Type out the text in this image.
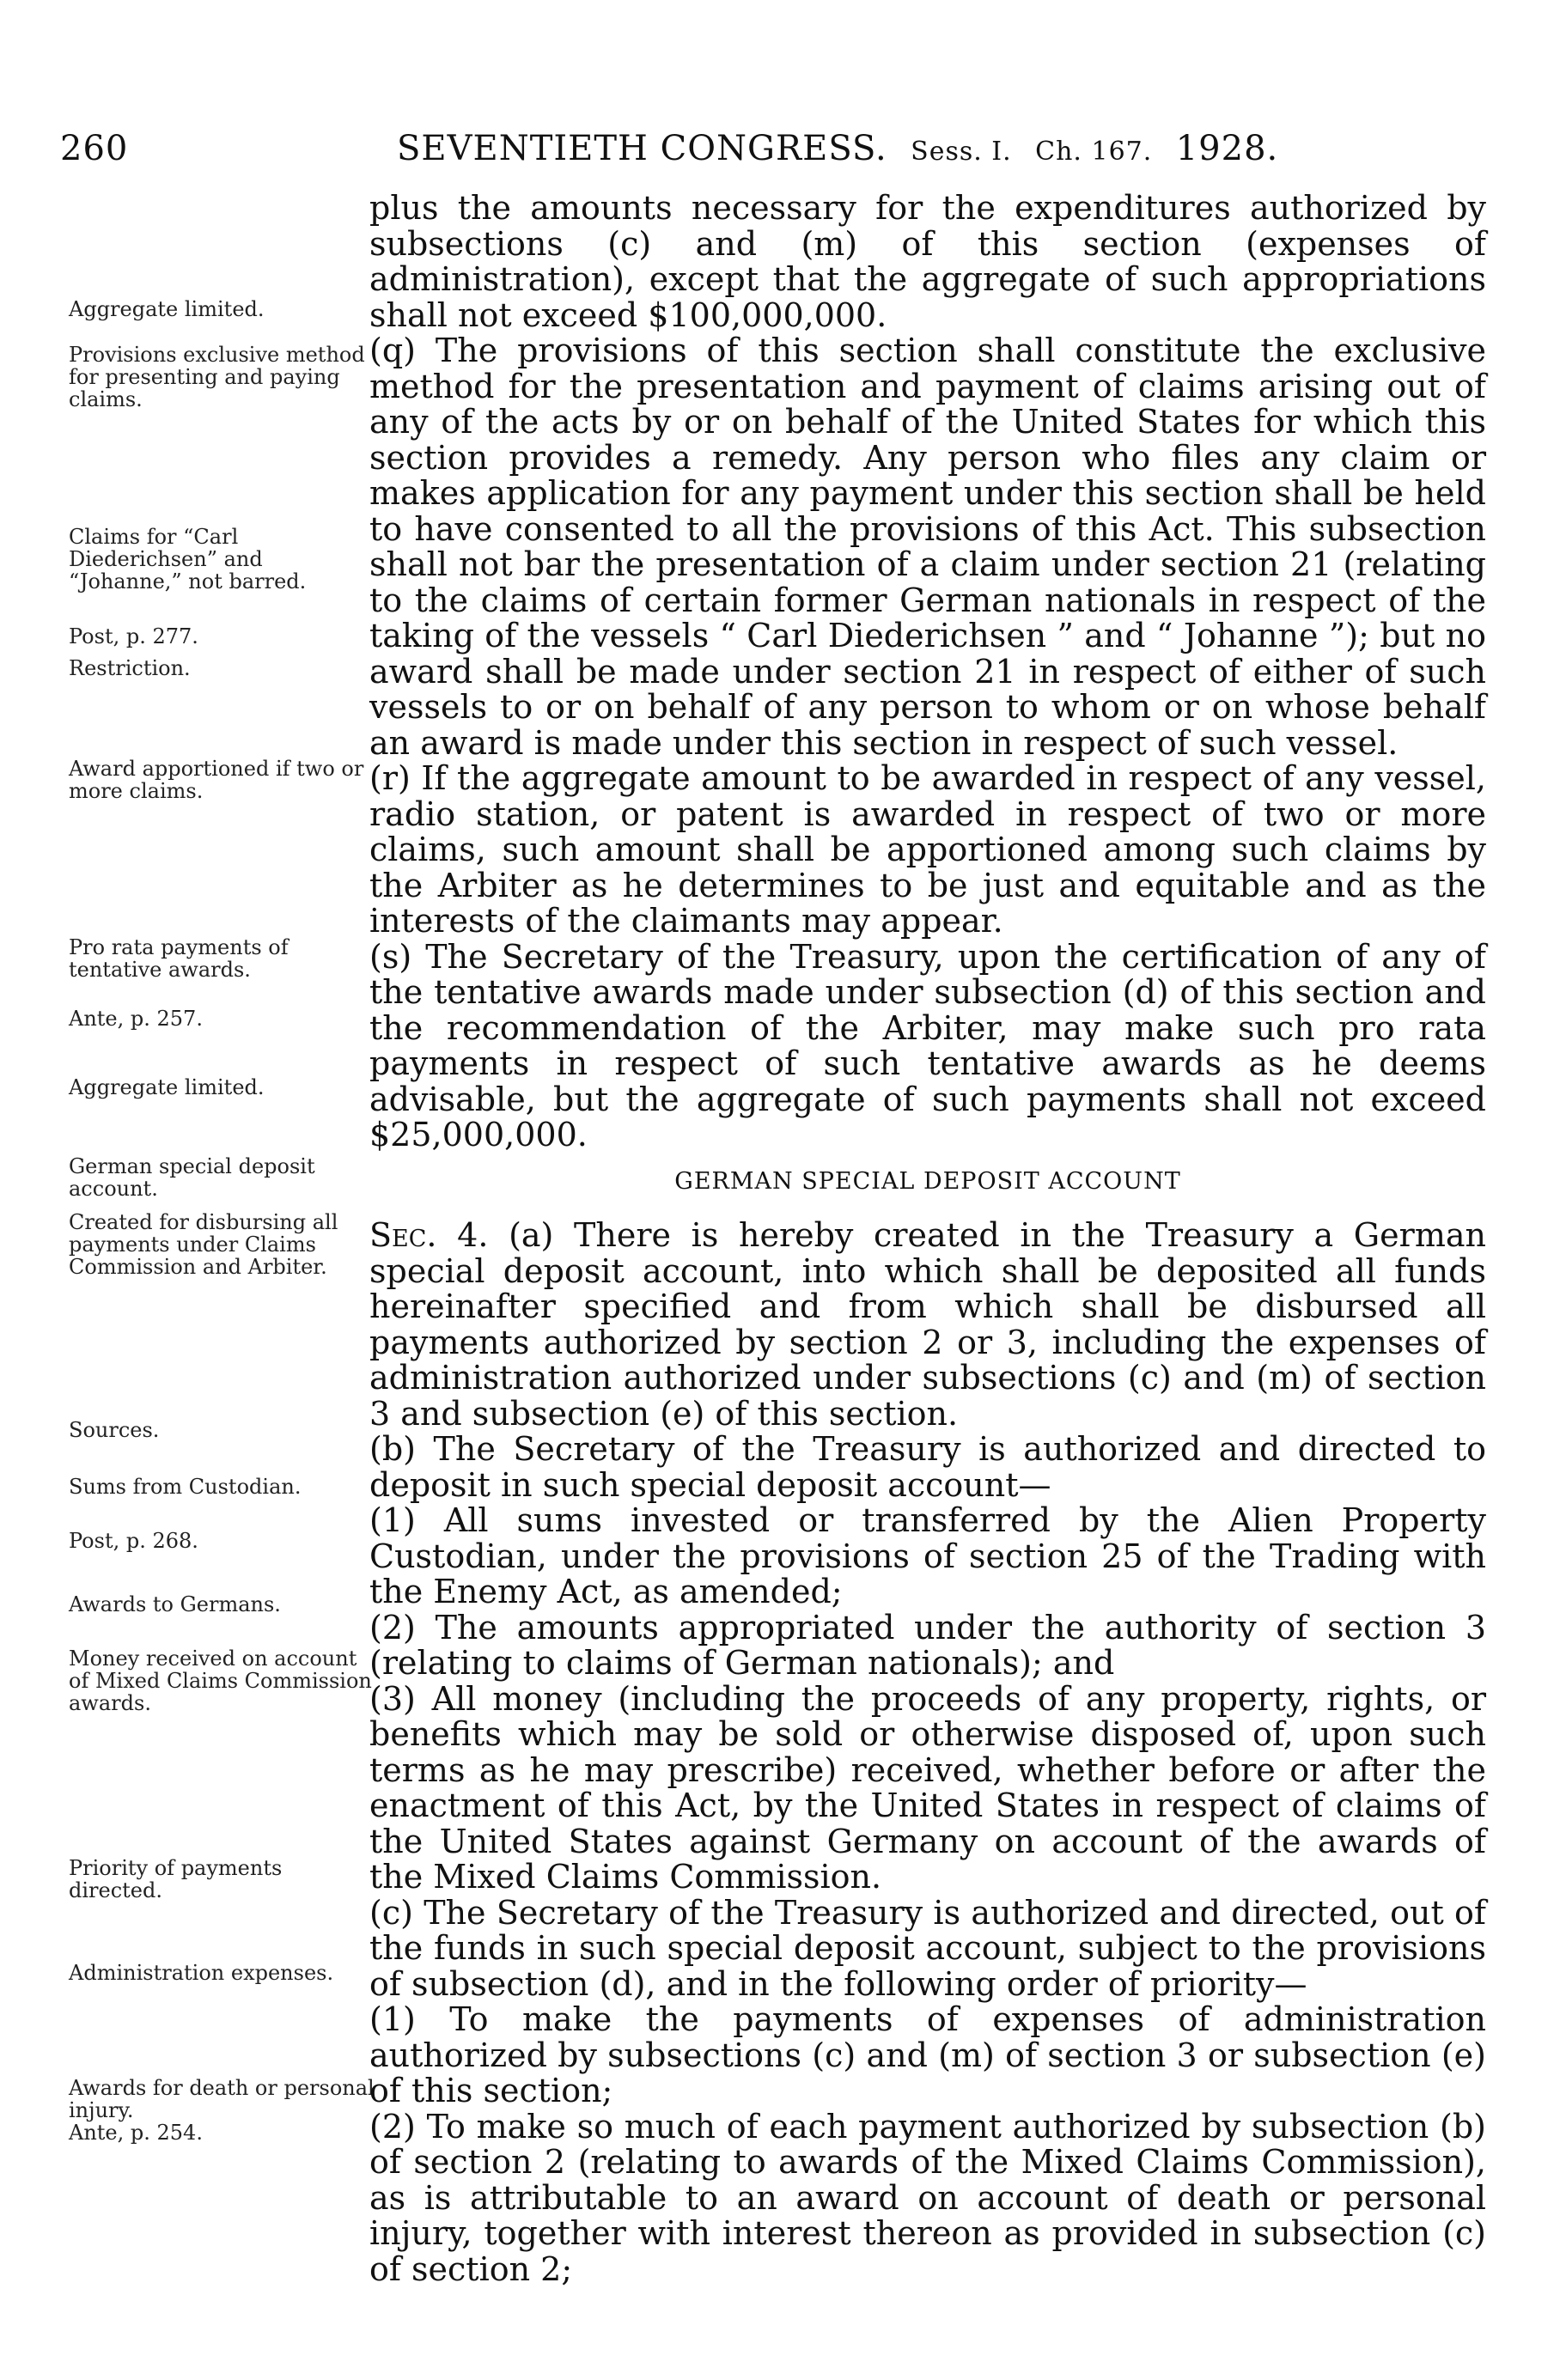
260	SEVENTIETH CONGRESS. Sess. I. Ch. 167. 1928.
Aggregate limited.
Provisions exclusive method for presenting and paying claims.
Claims for “Carl Diederichsen” and “Johanne,” not barred.
Post, p. 277.
Restriction.
Award apportioned if two or more claims.
Pro rata payments of tentative awards.
Ante, p. 257.
Aggregate limited.
German special deposit account.
Created for disbursing all payments under Claims Commission and Arbiter.
Sources.
Sums from Custodian.
Post, p. 268.
Awards to Germans.
Money received on account of Mixed Claims Commission awards.
Priority of payments directed.
Administration expenses.
Awards for death or personal injury.
Ante, p. 254.

plus the amounts necessary for the expenditures authorized by subsections (c) and (m) of this section (expenses of administration), except that the aggregate of such appropriations shall not exceed $100,000,000.

(q) The provisions of this section shall constitute the exclusive method for the presentation and payment of claims arising out of any of the acts by or on behalf of the United States for which this section provides a remedy. Any person who files any claim or makes application for any payment under this section shall be held to have consented to all the provisions of this Act. This subsection shall not bar the presentation of a claim under section 21 (relating to the claims of certain former German nationals in respect of the taking of the vessels “ Carl Diederichsen ” and “ Johanne ”); but no award shall be made under section 21 in respect of either of such vessels to or on behalf of any person to whom or on whose behalf an award is made under this section in respect of such vessel.

(r) If the aggregate amount to be awarded in respect of any vessel, radio station, or patent is awarded in respect of two or more claims, such amount shall be apportioned among such claims by the Arbiter as he determines to be just and equitable and as the interests of the claimants may appear.

(s) The Secretary of the Treasury, upon the certification of any of the tentative awards made under subsection (d) of this section and the recommendation of the Arbiter, may make such pro rata payments in respect of such tentative awards as he deems advisable, but the aggregate of such payments shall not exceed $25,000,000.

GERMAN SPECIAL DEPOSIT ACCOUNT

Sec. 4. (a) There is hereby created in the Treasury a German special deposit account, into which shall be deposited all funds hereinafter specified and from which shall be disbursed all payments authorized by section 2 or 3, including the expenses of administration authorized under subsections (c) and (m) of section 3 and subsection (e) of this section.

(b) The Secretary of the Treasury is authorized and directed to deposit in such special deposit account—

(1) All sums invested or transferred by the Alien Property Custodian, under the provisions of section 25 of the Trading with the Enemy Act, as amended;

(2) The amounts appropriated under the authority of section 3 (relating to claims of German nationals); and

(3) All money (including the proceeds of any property, rights, or benefits which may be sold or otherwise disposed of, upon such terms as he may prescribe) received, whether before or after the enactment of this Act, by the United States in respect of claims of the United States against Germany on account of the awards of the Mixed Claims Commission.

(c) The Secretary of the Treasury is authorized and directed, out of the funds in such special deposit account, subject to the provisions of subsection (d), and in the following order of priority—

(1) To make the payments of expenses of administration authorized by subsections (c) and (m) of section 3 or subsection (e) of this section;

(2) To make so much of each payment authorized by subsection (b) of section 2 (relating to awards of the Mixed Claims Commission), as is attributable to an award on account of death or personal injury, together with interest thereon as provided in subsection (c) of section 2;
